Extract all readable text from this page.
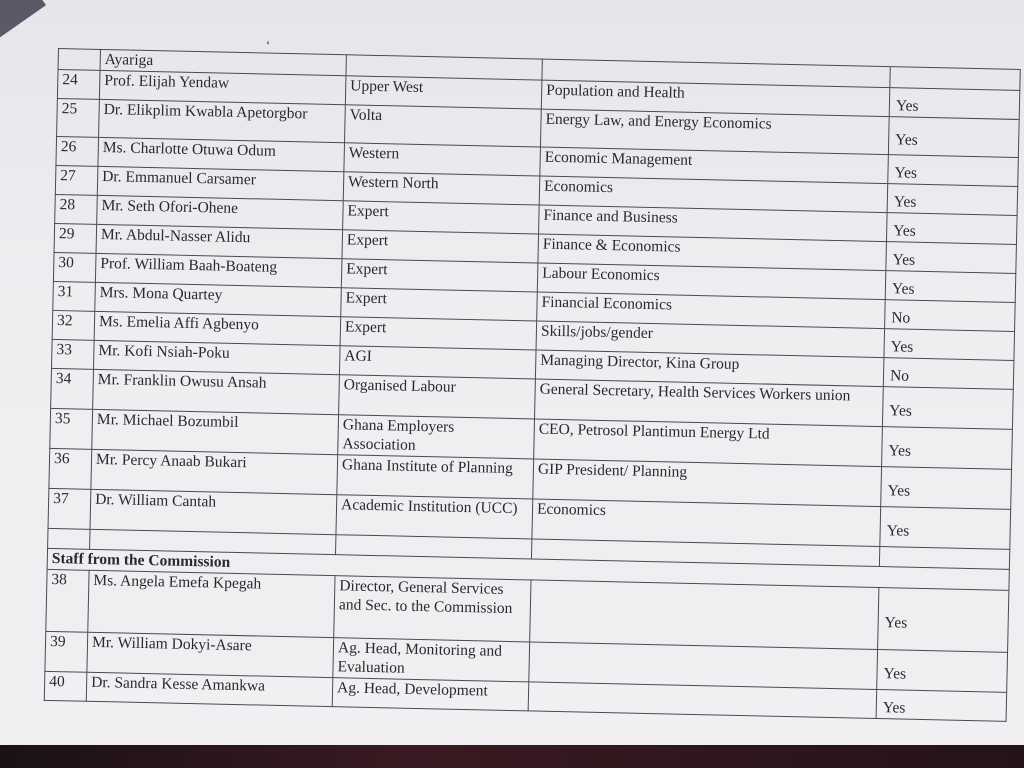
‘
	Ayariga			
24	Prof. Elijah Yendaw	Upper West	Population and Health	Yes
25	Dr. Elikplim Kwabla Apetorgbor	Volta	Energy Law, and Energy Economics	Yes
26	Ms. Charlotte Otuwa Odum	Western	Economic Management	Yes
27	Dr. Emmanuel Carsamer	Western North	Economics	Yes
28	Mr. Seth Ofori-Ohene	Expert	Finance and Business	Yes
29	Mr. Abdul-Nasser Alidu	Expert	Finance & Economics	Yes
30	Prof. William Baah-Boateng	Expert	Labour Economics	Yes
31	Mrs. Mona Quartey	Expert	Financial Economics	No
32	Ms. Emelia Affi Agbenyo	Expert	Skills/jobs/gender	Yes
33	Mr. Kofi Nsiah-Poku	AGI	Managing Director, Kina Group	No
34	Mr. Franklin Owusu Ansah	Organised Labour	General Secretary, Health Services Workers union	Yes
35	Mr. Michael Bozumbil	Ghana Employers Association	CEO, Petrosol Plantimun Energy Ltd	Yes
36	Mr. Percy Anaab Bukari	Ghana Institute of Planning	GIP President/ Planning	Yes
37	Dr. William Cantah	Academic Institution (UCC)	Economics	Yes

Staff from the Commission				
38	Ms. Angela Emefa Kpegah	Director, General Services and Sec. to the Commission		Yes
39	Mr. William Dokyi-Asare	Ag. Head, Monitoring and Evaluation		Yes
40	Dr. Sandra Kesse Amankwa	Ag. Head, Development		Yes
